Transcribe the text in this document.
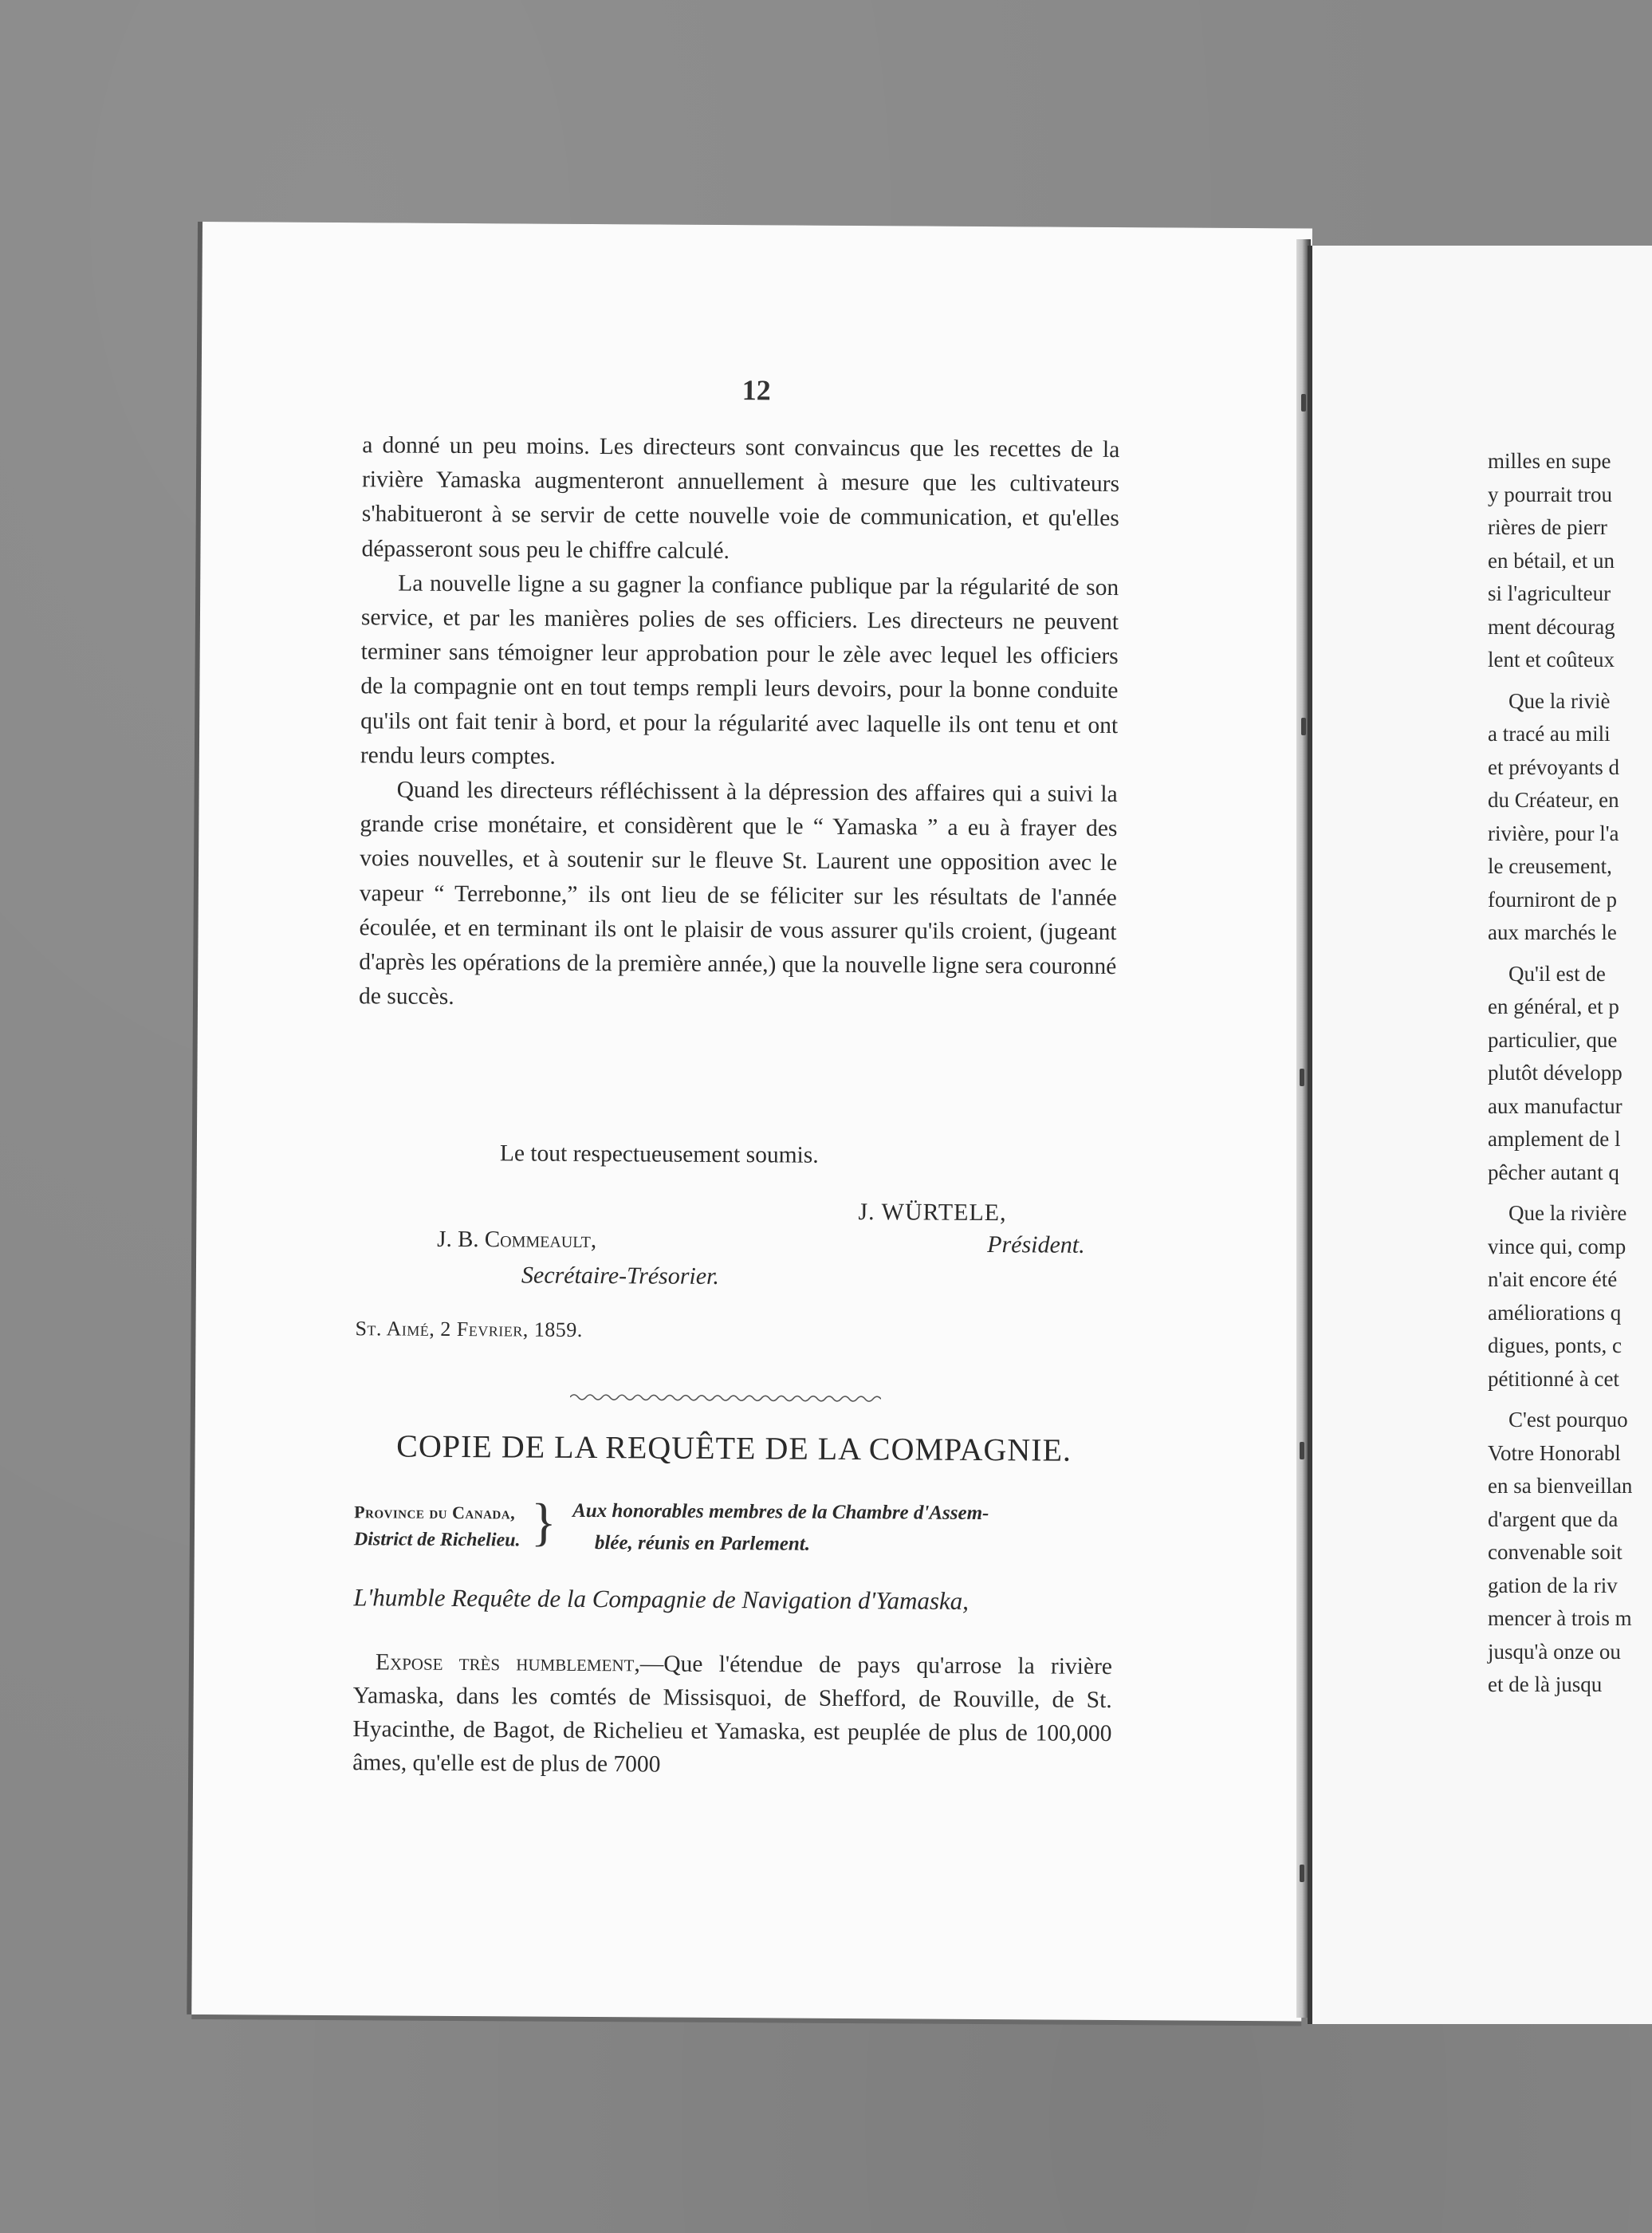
12

a donné un peu moins. Les directeurs sont convaincus que les recettes de la rivière Yamaska augmenteront annuellement à mesure que les cultivateurs s'habitueront à se servir de cette nouvelle voie de communication, et qu'elles dépasseront sous peu le chiffre calculé.

La nouvelle ligne a su gagner la confiance publique par la régularité de son service, et par les manières polies de ses officiers. Les directeurs ne peuvent terminer sans témoigner leur approbation pour le zèle avec lequel les officiers de la compagnie ont en tout temps rempli leurs devoirs, pour la bonne conduite qu'ils ont fait tenir à bord, et pour la régularité avec laquelle ils ont tenu et ont rendu leurs comptes.

Quand les directeurs réfléchissent à la dépression des affaires qui a suivi la grande crise monétaire, et considèrent que le “ Yamaska ” a eu à frayer des voies nouvelles, et à soutenir sur le fleuve St. Laurent une opposition avec le vapeur “ Terrebonne,” ils ont lieu de se féliciter sur les résultats de l'année écoulée, et en terminant ils ont le plaisir de vous assurer qu'ils croient, (jugeant d'après les opérations de la première année,) que la nouvelle ligne sera couronné de succès.

Le tout respectueusement soumis.
J. WÜRTELE,
J. B. Commeault,	Président.
Secrétaire-Trésorier.
St. Aimé, 2 Fevrier, 1859.
COPIE DE LA REQUÊTE DE LA COMPAGNIE.
Province du Canada,
District de Richelieu. } Aux honorables membres de la Chambre d'Assem-
blée, réunis en Parlement.
L'humble Requête de la Compagnie de Navigation d'Yamaska,

Expose très humblement,—Que l'étendue de pays qu'arrose la rivière Yamaska, dans les comtés de Missisquoi, de Shefford, de Rouville, de St. Hyacinthe, de Bagot, de Richelieu et Yamaska, est peuplée de plus de 100,000 âmes, qu'elle est de plus de 7000

milles en supe
y pourrait trou
rières de pierr
en bétail, et un
si l'agriculteur
ment décourag
lent et coûteux
Que la riviè
a tracé au mili
et prévoyants d
du Créateur, en
rivière, pour l'a
le creusement,
fourniront de p
aux marchés le
Qu'il est de
en général, et p
particulier, que
plutôt développ
aux manufactur
amplement de l
pêcher autant q
Que la rivière
vince qui, comp
n'ait encore été
améliorations q
digues, ponts, c
pétitionné à cet
C'est pourquo
Votre Honorabl
en sa bienveillan
d'argent que da
convenable soit
gation de la riv
mencer à trois m
jusqu'à onze ou
et de là jusqu
